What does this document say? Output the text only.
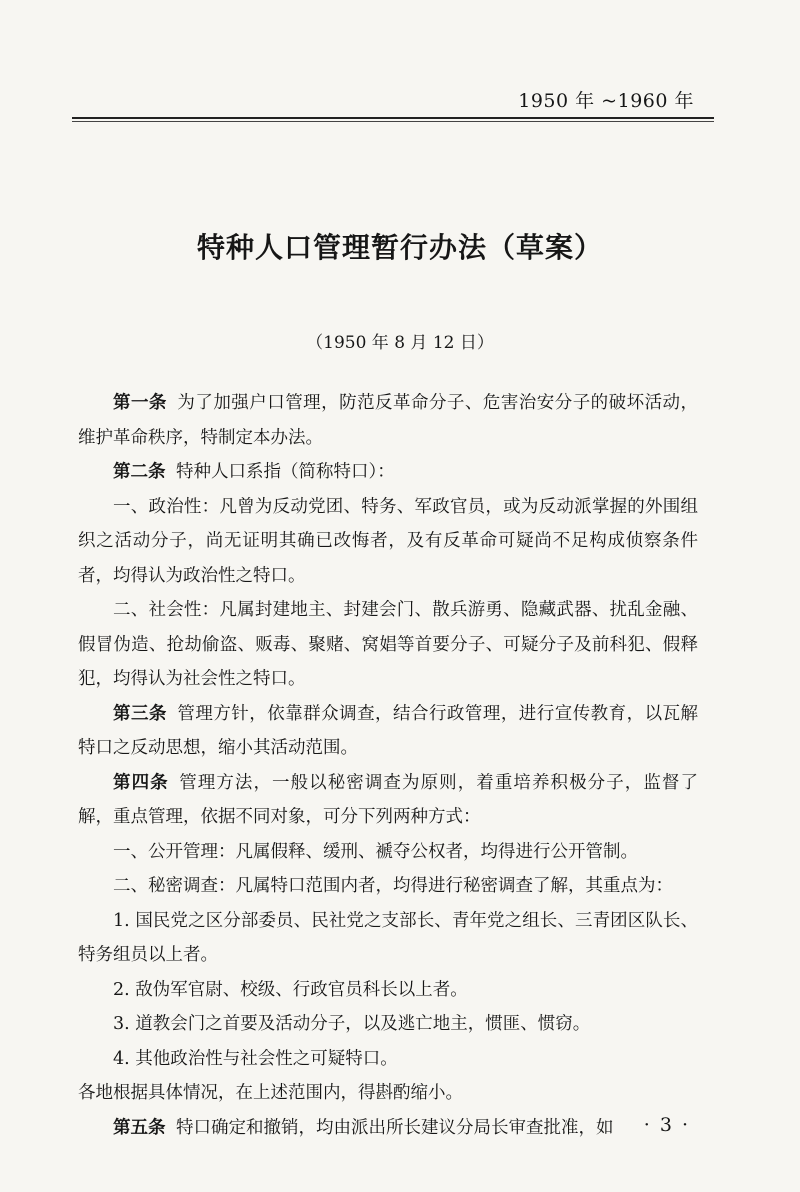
1950 年 ~1960 年
特种人口管理暂行办法（草案）
（1950 年 8 月 12 日）

第一条 为了加强户口管理，防范反革命分子、危害治安分子的破坏活动，维护革命秩序，特制定本办法。

第二条 特种人口系指（简称特口）：

一、政治性：凡曾为反动党团、特务、军政官员，或为反动派掌握的外围组织之活动分子，尚无证明其确已改悔者，及有反革命可疑尚不足构成侦察条件者，均得认为政治性之特口。

二、社会性：凡属封建地主、封建会门、散兵游勇、隐藏武器、扰乱金融、假冒伪造、抢劫偷盗、贩毒、聚赌、窝娼等首要分子、可疑分子及前科犯、假释犯，均得认为社会性之特口。

第三条 管理方针，依靠群众调查，结合行政管理，进行宣传教育，以瓦解特口之反动思想，缩小其活动范围。

第四条 管理方法，一般以秘密调查为原则，着重培养积极分子，监督了解，重点管理，依据不同对象，可分下列两种方式：

一、公开管理：凡属假释、缓刑、褫夺公权者，均得进行公开管制。

二、秘密调查：凡属特口范围内者，均得进行秘密调查了解，其重点为：

1. 国民党之区分部委员、民社党之支部长、青年党之组长、三青团区队长、特务组员以上者。

2. 敌伪军官尉、校级、行政官员科长以上者。

3. 道教会门之首要及活动分子，以及逃亡地主，惯匪、惯窃。

4. 其他政治性与社会性之可疑特口。

各地根据具体情况，在上述范围内，得斟酌缩小。

第五条 特口确定和撤销，均由派出所长建议分局长审查批准，如	· 3 ·
